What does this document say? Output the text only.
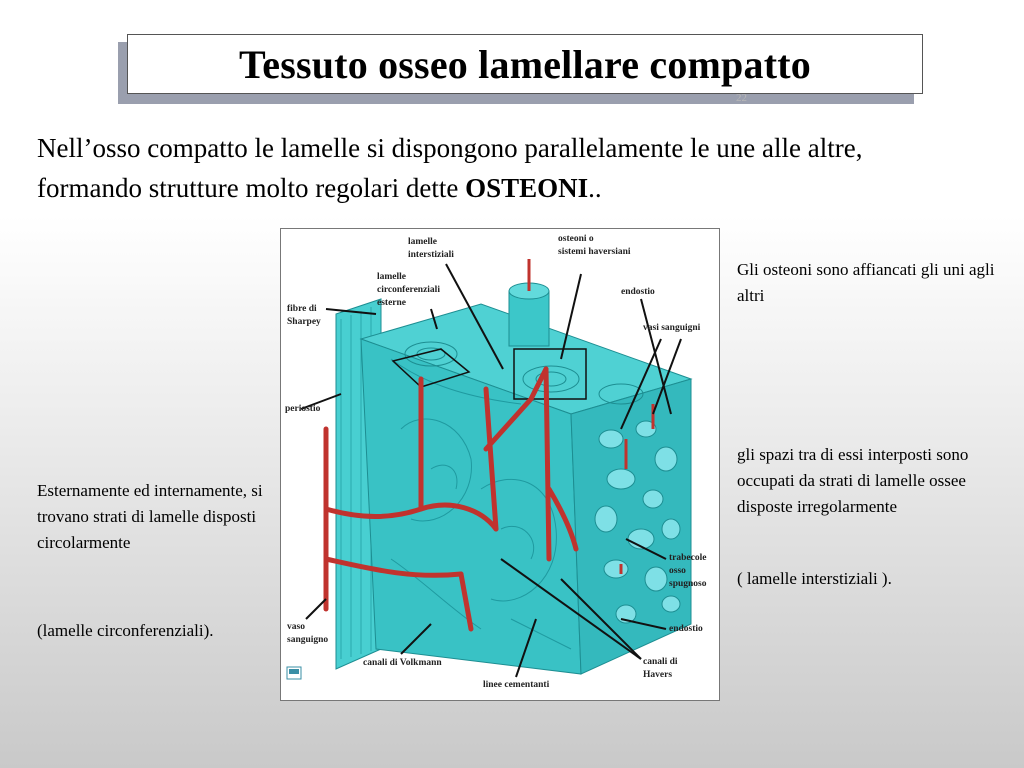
Tessuto osseo lamellare compatto
22

Nell’osso compatto le lamelle si dispongono parallelamente le une alle altre, formando strutture molto regolari dette OSTEONI..

lamelle
interstiziali
osteoni o
sistemi haversiani
lamelle
circonferenziali
esterne
fibre di
Sharpey
endostio
vasi sanguigni
periostio
trabecole
osso
spugnoso
endostio
vaso
sanguigno
canali di Volkmann	canali di
Havers
linee cementanti

Gli osteoni sono affiancati gli uni agli altri

gli spazi tra di essi interposti sono occupati da strati di lamelle ossee disposte irregolarmente

( lamelle interstiziali ).

Esternamente ed internamente, si trovano strati di lamelle disposti circolarmente

(lamelle circonferenziali).
